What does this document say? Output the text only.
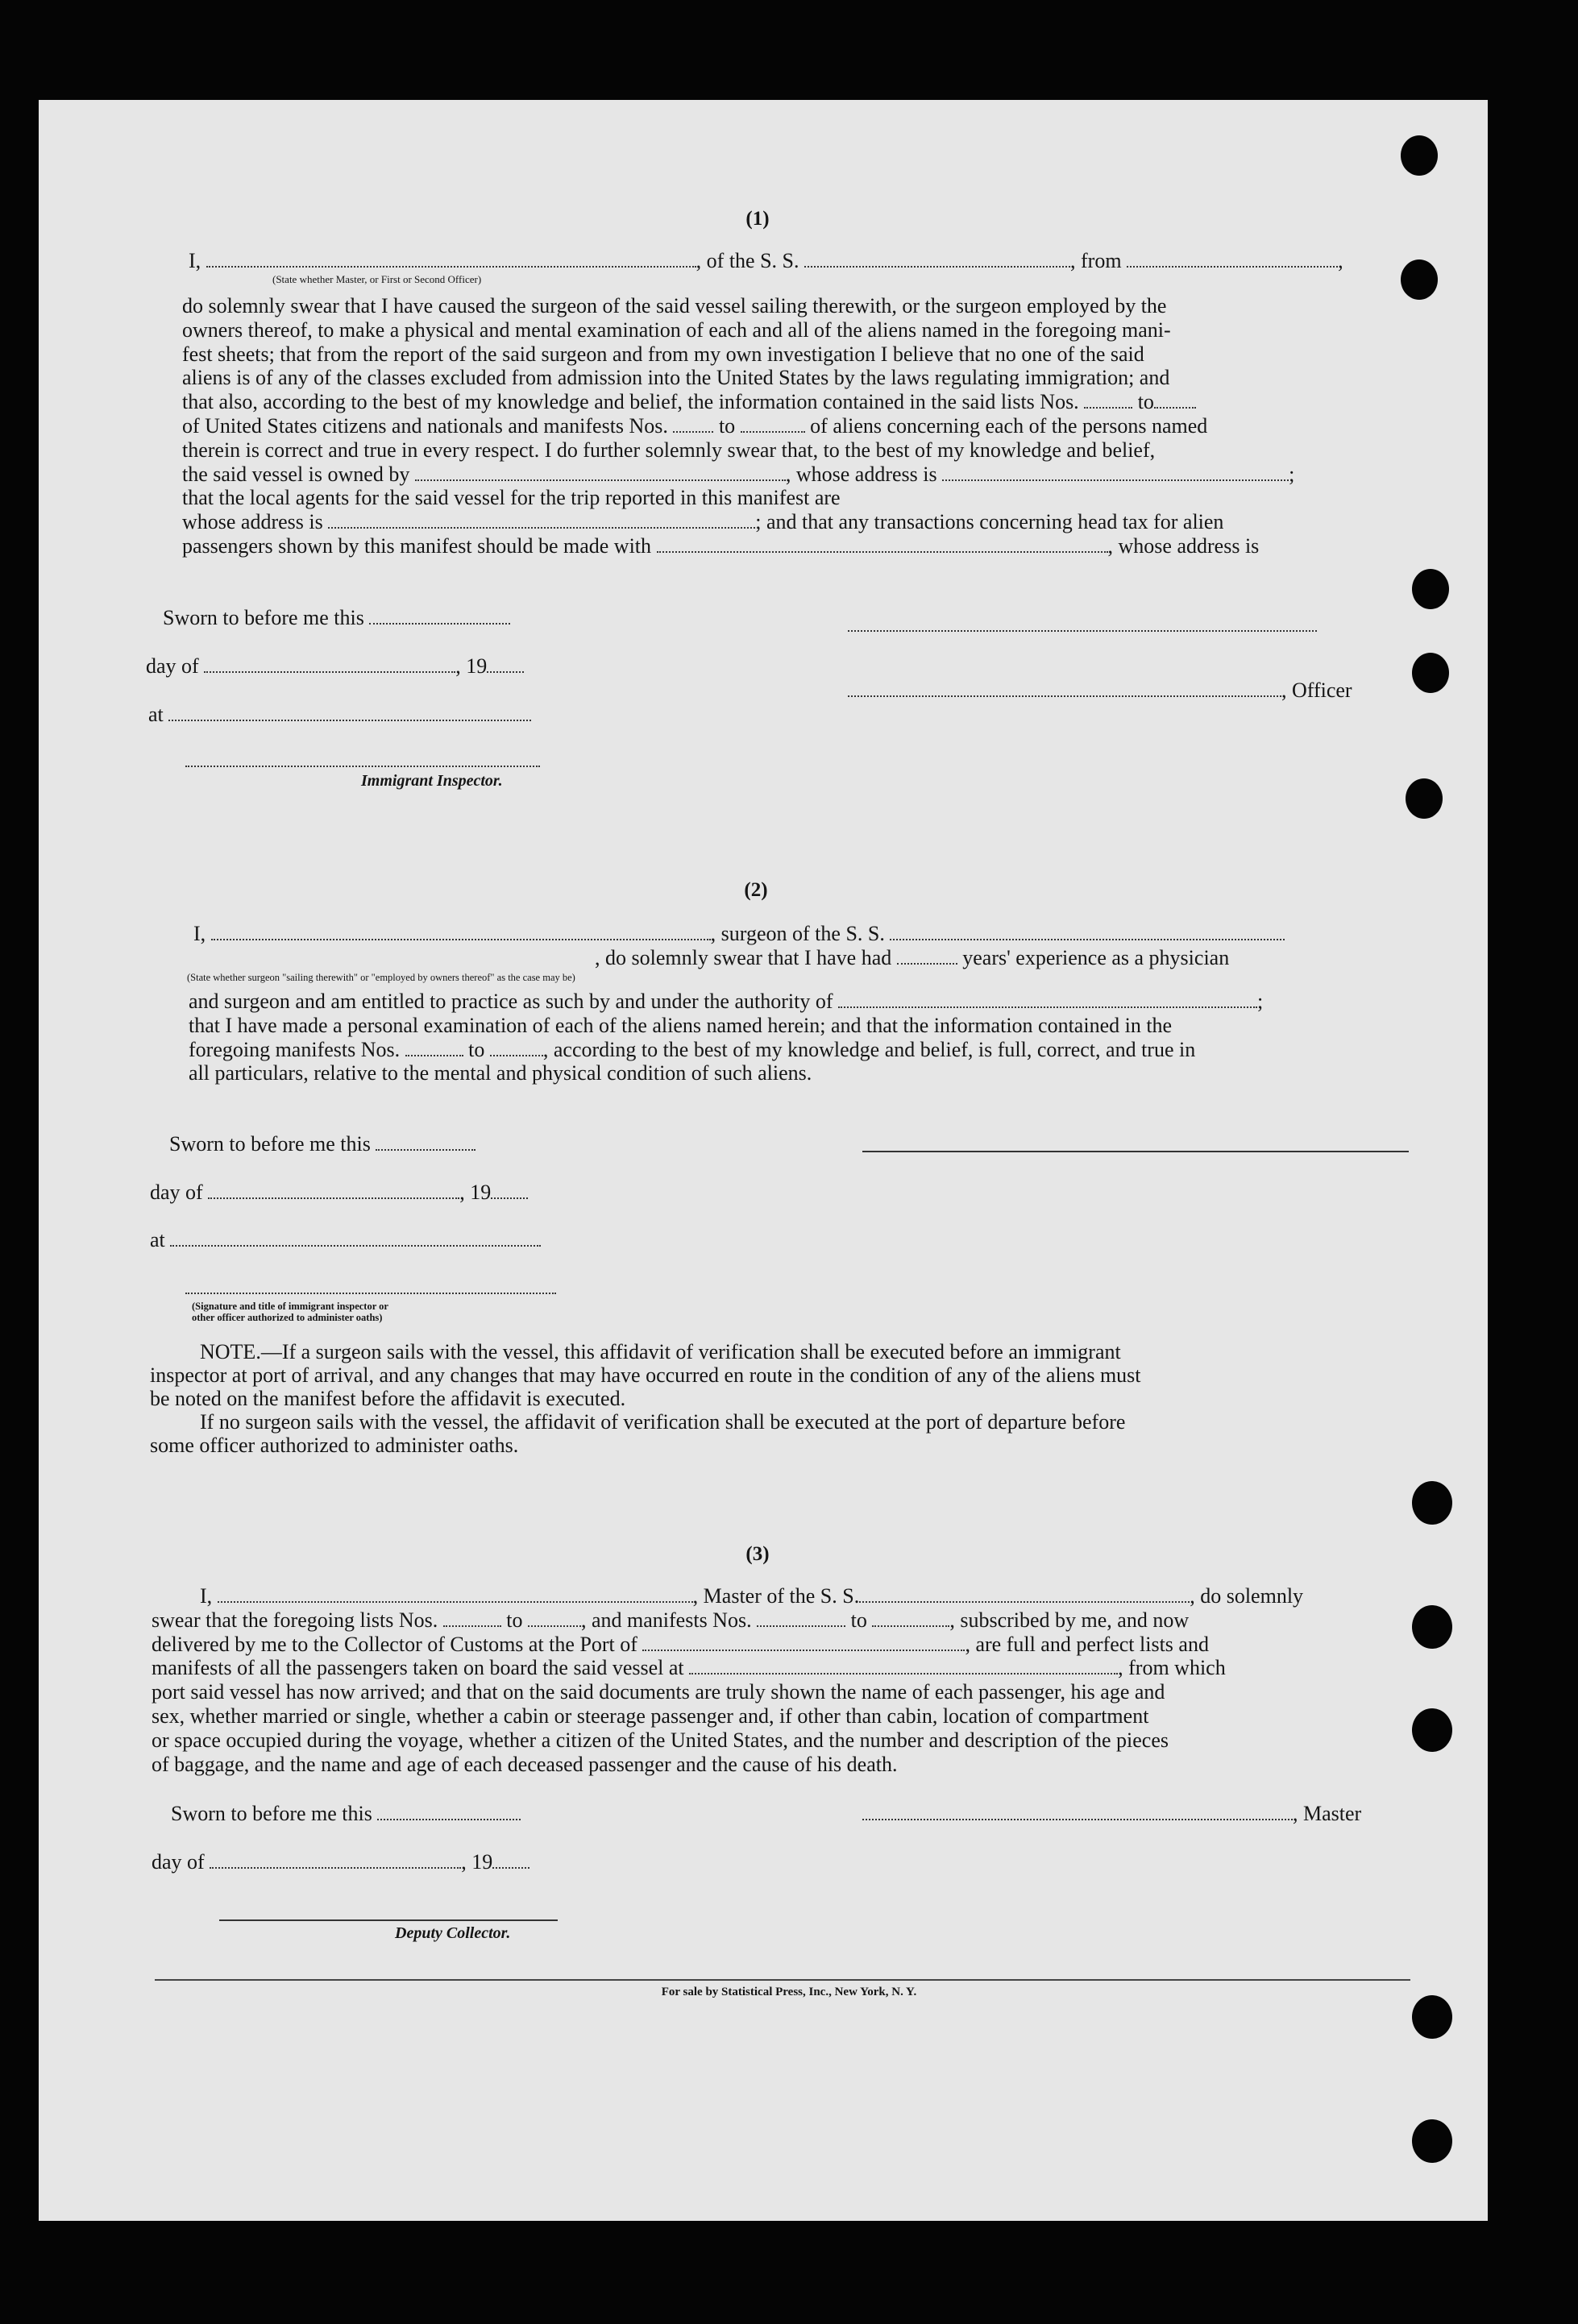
(1)
I,	, of the S. S.	, from	,
(State whether Master, or First or Second Officer)
do solemnly swear that I have caused the surgeon of the said vessel sailing therewith, or the surgeon employed by the
owners thereof, to make a physical and mental examination of each and all of the aliens named in the foregoing mani-
fest sheets; that from the report of the said surgeon and from my own investigation I believe that no one of the said
aliens is of any of the classes excluded from admission into the United States by the laws regulating immigration; and
that also, according to the best of my knowledge and belief, the information contained in the said lists Nos.	to
of United States citizens and nationals and manifests Nos. to	of aliens concerning each of the persons named
therein is correct and true in every respect. I do further solemnly swear that, to the best of my knowledge and belief,
the said vessel is owned by	, whose address is	;
that the local agents for the said vessel for the trip reported in this manifest are
whose address is	; and that any transactions concerning head tax for alien
passengers shown by this manifest should be made with	, whose address is
Sworn to before me this
day of	, 19
, Officer
at
Immigrant Inspector.
(2)
I,	, surgeon of the S. S.
, do solemnly swear that I have had	years' experience as a physician
(State whether surgeon "sailing therewith" or "employed by owners thereof" as the case may be)
and surgeon and am entitled to practice as such by and under the authority of	;
that I have made a personal examination of each of the aliens named herein; and that the information contained in the
foregoing manifests Nos.	to	, according to the best of my knowledge and belief, is full, correct, and true in
all particulars, relative to the mental and physical condition of such aliens.
Sworn to before me this
day of	, 19
at
(Signature and title of immigrant inspector or
other officer authorized to administer oaths)
NOTE.—If a surgeon sails with the vessel, this affidavit of verification shall be executed before an immigrant
inspector at port of arrival, and any changes that may have occurred en route in the condition of any of the aliens must
be noted on the manifest before the affidavit is executed.
If no surgeon sails with the vessel, the affidavit of verification shall be executed at the port of departure before
some officer authorized to administer oaths.
(3)
I,	, Master of the S. S.	, do solemnly
swear that the foregoing lists Nos.	to	, and manifests Nos.	to	, subscribed by me, and now
delivered by me to the Collector of Customs at the Port of	, are full and perfect lists and
manifests of all the passengers taken on board the said vessel at	, from which
port said vessel has now arrived; and that on the said documents are truly shown the name of each passenger, his age and
sex, whether married or single, whether a cabin or steerage passenger and, if other than cabin, location of compartment
or space occupied during the voyage, whether a citizen of the United States, and the number and description of the pieces
of baggage, and the name and age of each deceased passenger and the cause of his death.
Sworn to before me this	, Master
day of	, 19
Deputy Collector.
For sale by Statistical Press, Inc., New York, N. Y.
